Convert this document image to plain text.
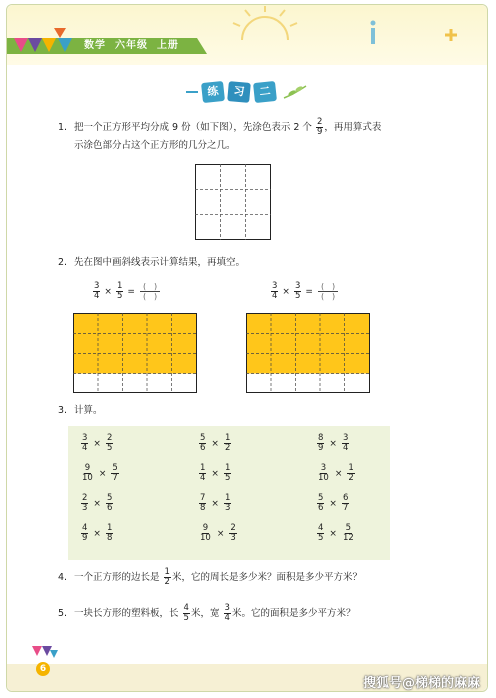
数学 六年级 上册
练	习	二
1. 把一个正方形平均分成 9 份（如下图），先涂色表示 2 个 $\frac{2}{9}$ ，再用算式表
示涂色部分占这个正方形的几分之几。
2. 先在图中画斜线表示计算结果，再填空。
$\frac{3}{4} \times \frac{1}{5} = \frac{( )}{( )}$	$\frac{3}{4} \times \frac{3}{5} = \frac{( )}{( )}$
3. 计算。
$\frac{3}{4} \times \frac{2}{5}$	$\frac{5}{6} \times \frac{1}{2}$	$\frac{8}{9} \times \frac{3}{4}$
$\frac{9}{10} \times \frac{5}{7}$	$\frac{1}{4} \times \frac{1}{5}$	$\frac{3}{10} \times \frac{1}{2}$
$\frac{2}{3} \times \frac{5}{6}$	$\frac{7}{8} \times \frac{1}{3}$	$\frac{5}{6} \times \frac{6}{7}$
$\frac{4}{9} \times \frac{1}{8}$	$\frac{9}{10} \times \frac{2}{3}$	$\frac{4}{5} \times \frac{5}{12}$
4. 一个正方形的边长是 $\frac{1}{2}$ 米，它的周长是多少米？面积是多少平方米？
5. 一块长方形的塑料板，长 $\frac{4}{5}$ 米，宽 $\frac{3}{4}$ 米。它的面积是多少平方米？
6
搜狐号@梯梯的麻麻
